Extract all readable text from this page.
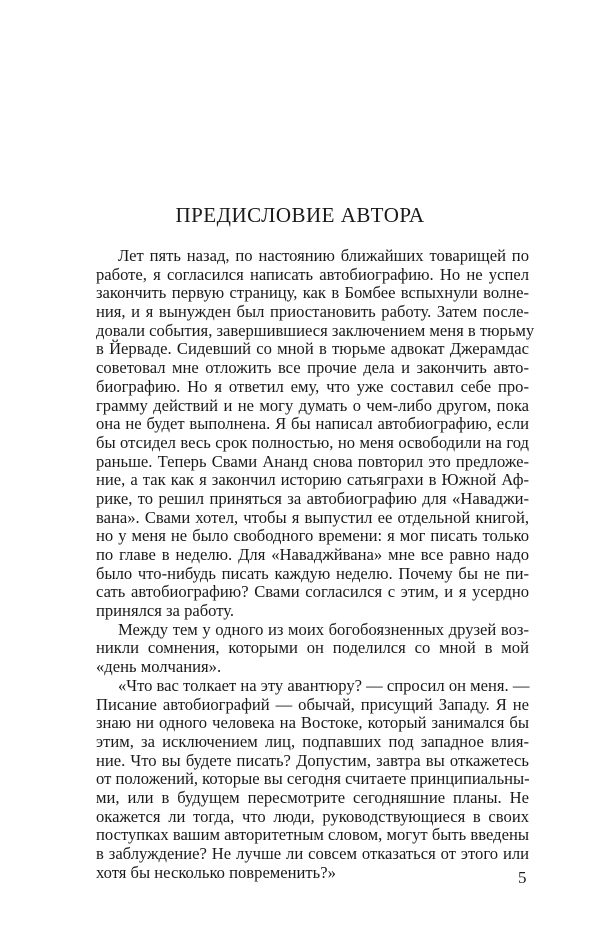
ПРЕДИСЛОВИЕ АВТОРА
Лет пять назад, по настоянию ближайших товарищей по
работе, я согласился написать автобиографию. Но не успел
закончить первую страницу, как в Бомбее вспыхнули волне-
ния, и я вынужден был приостановить работу. Затем после-
довали события, завершившиеся заключением меня в тюрьму
в Йерваде. Сидевший со мной в тюрьме адвокат Джерамдас
советовал мне отложить все прочие дела и закончить авто-
биографию. Но я ответил ему, что уже составил себе про-
грамму действий и не могу думать о чем-либо другом, пока
она не будет выполнена. Я бы написал автобиографию, если
бы отсидел весь срок полностью, но меня освободили на год
раньше. Теперь Свами Ананд снова повторил это предложе-
ние, а так как я закончил историю сатьяграхи в Южной Аф-
рике, то решил приняться за автобиографию для «Наваджи-
вана». Свами хотел, чтобы я выпустил ее отдельной книгой,
но у меня не было свободного времени: я мог писать только
по главе в неделю. Для «Наваджйвана» мне все равно надо
было что-нибудь писать каждую неделю. Почему бы не пи-
сать автобиографию? Свами согласился с этим, и я усердно
принялся за работу.
Между тем у одного из моих богобоязненных друзей воз-
никли сомнения, которыми он поделился со мной в мой
«день молчания».
«Что вас толкает на эту авантюру? — спросил он меня. —
Писание автобиографий — обычай, присущий Западу. Я не
знаю ни одного человека на Востоке, который занимался бы
этим, за исключением лиц, подпавших под западное влия-
ние. Что вы будете писать? Допустим, завтра вы откажетесь
от положений, которые вы сегодня считаете принципиальны-
ми, или в будущем пересмотрите сегодняшние планы. Не
окажется ли тогда, что люди, руководствующиеся в своих
поступках вашим авторитетным словом, могут быть введены
в заблуждение? Не лучше ли совсем отказаться от этого или
хотя бы несколько повременить?»	5
